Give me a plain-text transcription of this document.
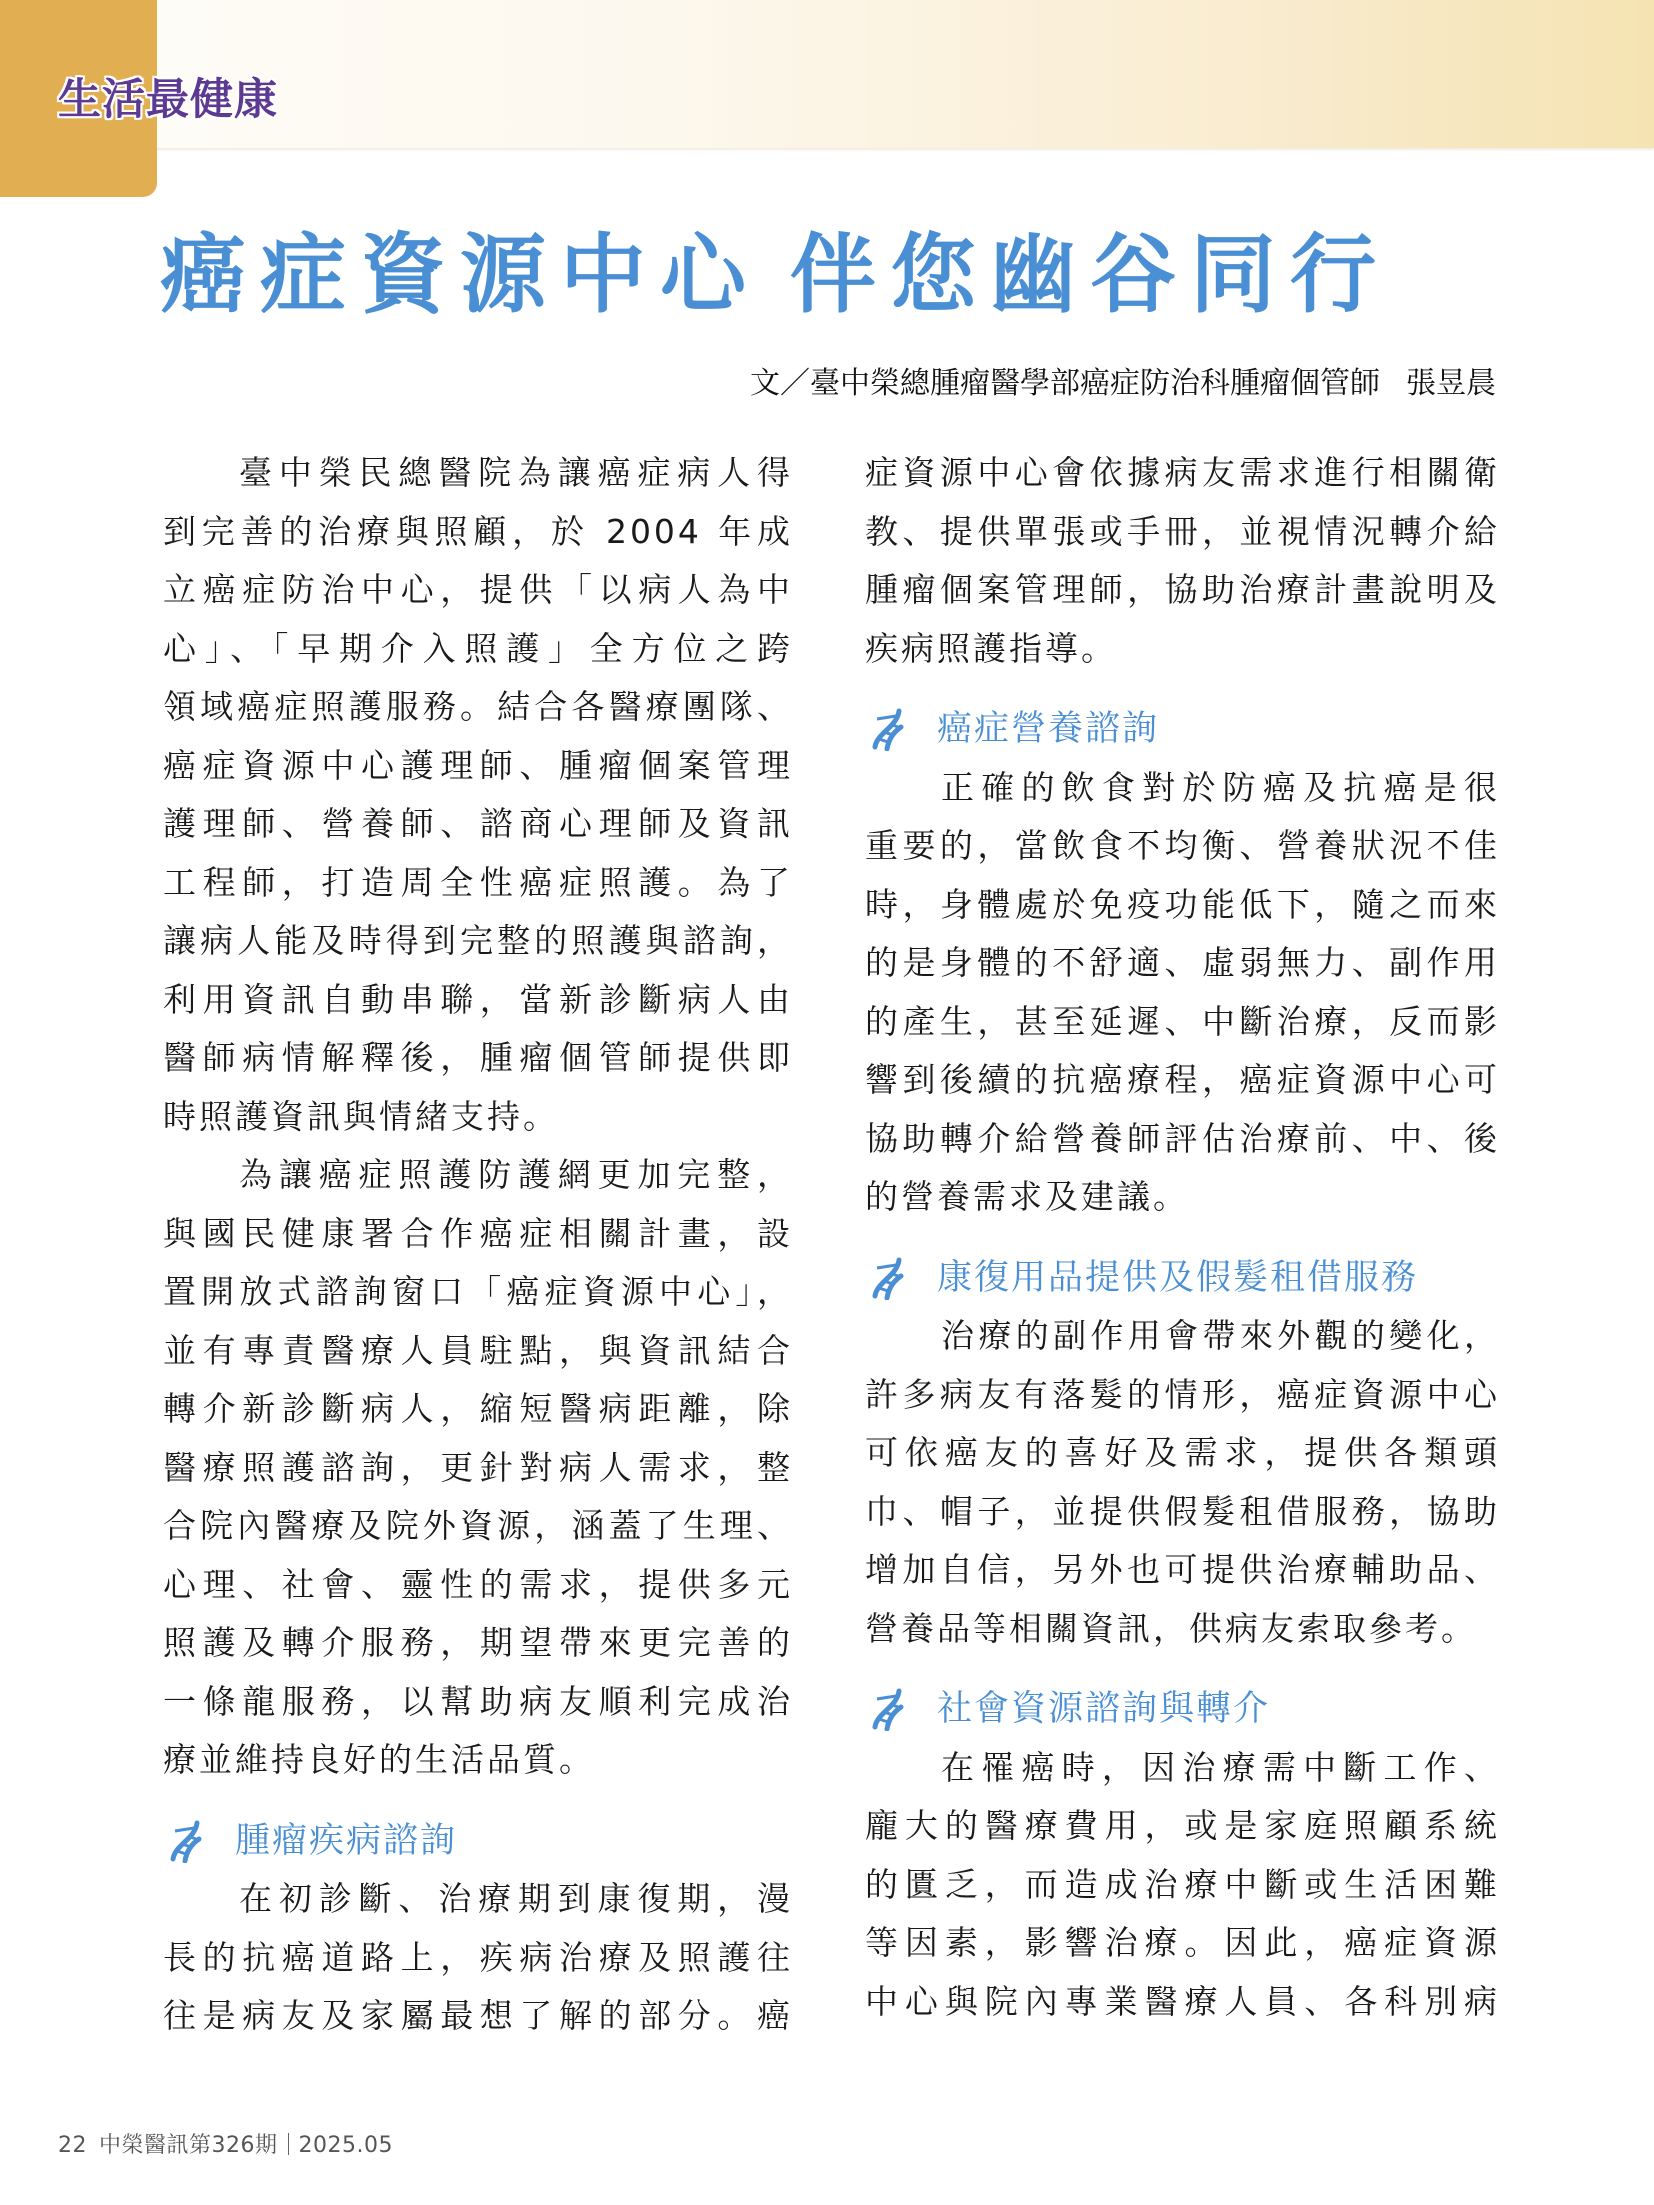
生活最健康
癌症資源中心 伴您幽谷同行
文／臺中榮總腫瘤醫學部癌症防治科腫瘤個管師 張昱晨
臺中榮民總醫院為讓癌症病人得
到完善的治療與照顧，於 2004 年成
立癌症防治中心，提供「以病人為中
心」、「早期介入照護」全方位之跨
領域癌症照護服務。結合各醫療團隊、
癌症資源中心護理師、腫瘤個案管理
護理師、營養師、諮商心理師及資訊
工程師，打造周全性癌症照護。為了
讓病人能及時得到完整的照護與諮詢，
利用資訊自動串聯，當新診斷病人由
醫師病情解釋後，腫瘤個管師提供即
時照護資訊與情緒支持。
為讓癌症照護防護網更加完整，
與國民健康署合作癌症相關計畫，設
置開放式諮詢窗口「癌症資源中心」，
並有專責醫療人員駐點，與資訊結合
轉介新診斷病人，縮短醫病距離，除
醫療照護諮詢，更針對病人需求，整
合院內醫療及院外資源，涵蓋了生理、
心理、社會、靈性的需求，提供多元
照護及轉介服務，期望帶來更完善的
一條龍服務，以幫助病友順利完成治
療並維持良好的生活品質。
腫瘤疾病諮詢
在初診斷、治療期到康復期，漫
長的抗癌道路上，疾病治療及照護往
往是病友及家屬最想了解的部分。癌
症資源中心會依據病友需求進行相關衛
教、提供單張或手冊，並視情況轉介給
腫瘤個案管理師，協助治療計畫說明及
疾病照護指導。
癌症營養諮詢
正確的飲食對於防癌及抗癌是很
重要的，當飲食不均衡、營養狀況不佳
時，身體處於免疫功能低下，隨之而來
的是身體的不舒適、虛弱無力、副作用
的產生，甚至延遲、中斷治療，反而影
響到後續的抗癌療程，癌症資源中心可
協助轉介給營養師評估治療前、中、後
的營養需求及建議。
康復用品提供及假髮租借服務
治療的副作用會帶來外觀的變化，
許多病友有落髮的情形，癌症資源中心
可依癌友的喜好及需求，提供各類頭
巾、帽子，並提供假髮租借服務，協助
增加自信，另外也可提供治療輔助品、
營養品等相關資訊，供病友索取參考。
社會資源諮詢與轉介
在罹癌時，因治療需中斷工作、
龐大的醫療費用，或是家庭照顧系統
的匱乏，而造成治療中斷或生活困難
等因素，影響治療。因此，癌症資源
中心與院內專業醫療人員、各科別病
22 中榮醫訊第326期 2025.05
